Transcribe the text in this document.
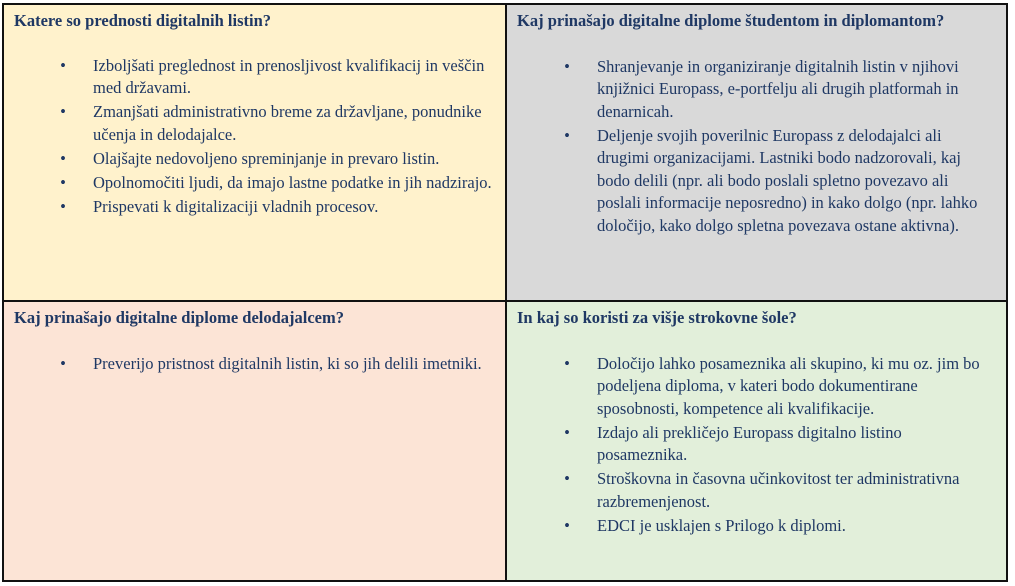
Katere so prednosti digitalnih listin?

• Izboljšati preglednost in prenosljivost kvalifikacij in veščin med državami.
• Zmanjšati administrativno breme za državljane, ponudnike učenja in delodajalce.
• Olajšajte nedovoljeno spreminjanje in prevaro listin.
• Opolnomočiti ljudi, da imajo lastne podatke in jih nadzirajo.
• Prispevati k digitalizaciji vladnih procesov.

Kaj prinašajo digitalne diplome študentom in diplomantom?

• Shranjevanje in organiziranje digitalnih listin v njihovi knjižnici Europass, e-portfelju ali drugih platformah in denarnicah.
• Deljenje svojih poverilnic Europass z delodajalci ali drugimi organizacijami. Lastniki bodo nadzorovali, kaj bodo delili (npr. ali bodo poslali spletno povezavo ali poslali informacije neposredno) in kako dolgo (npr. lahko določijo, kako dolgo spletna povezava ostane aktivna).

Kaj prinašajo digitalne diplome delodajalcem?

• Preverijo pristnost digitalnih listin, ki so jih delili imetniki.

In kaj so koristi za višje strokovne šole?

• Določijo lahko posameznika ali skupino, ki mu oz. jim bo podeljena diploma, v kateri bodo dokumentirane sposobnosti, kompetence ali kvalifikacije.
• Izdajo ali prekličejo Europass digitalno listino posameznika.
• Stroškovna in časovna učinkovitost ter administrativna razbremenjenost.
• EDCI je usklajen s Prilogo k diplomi.
